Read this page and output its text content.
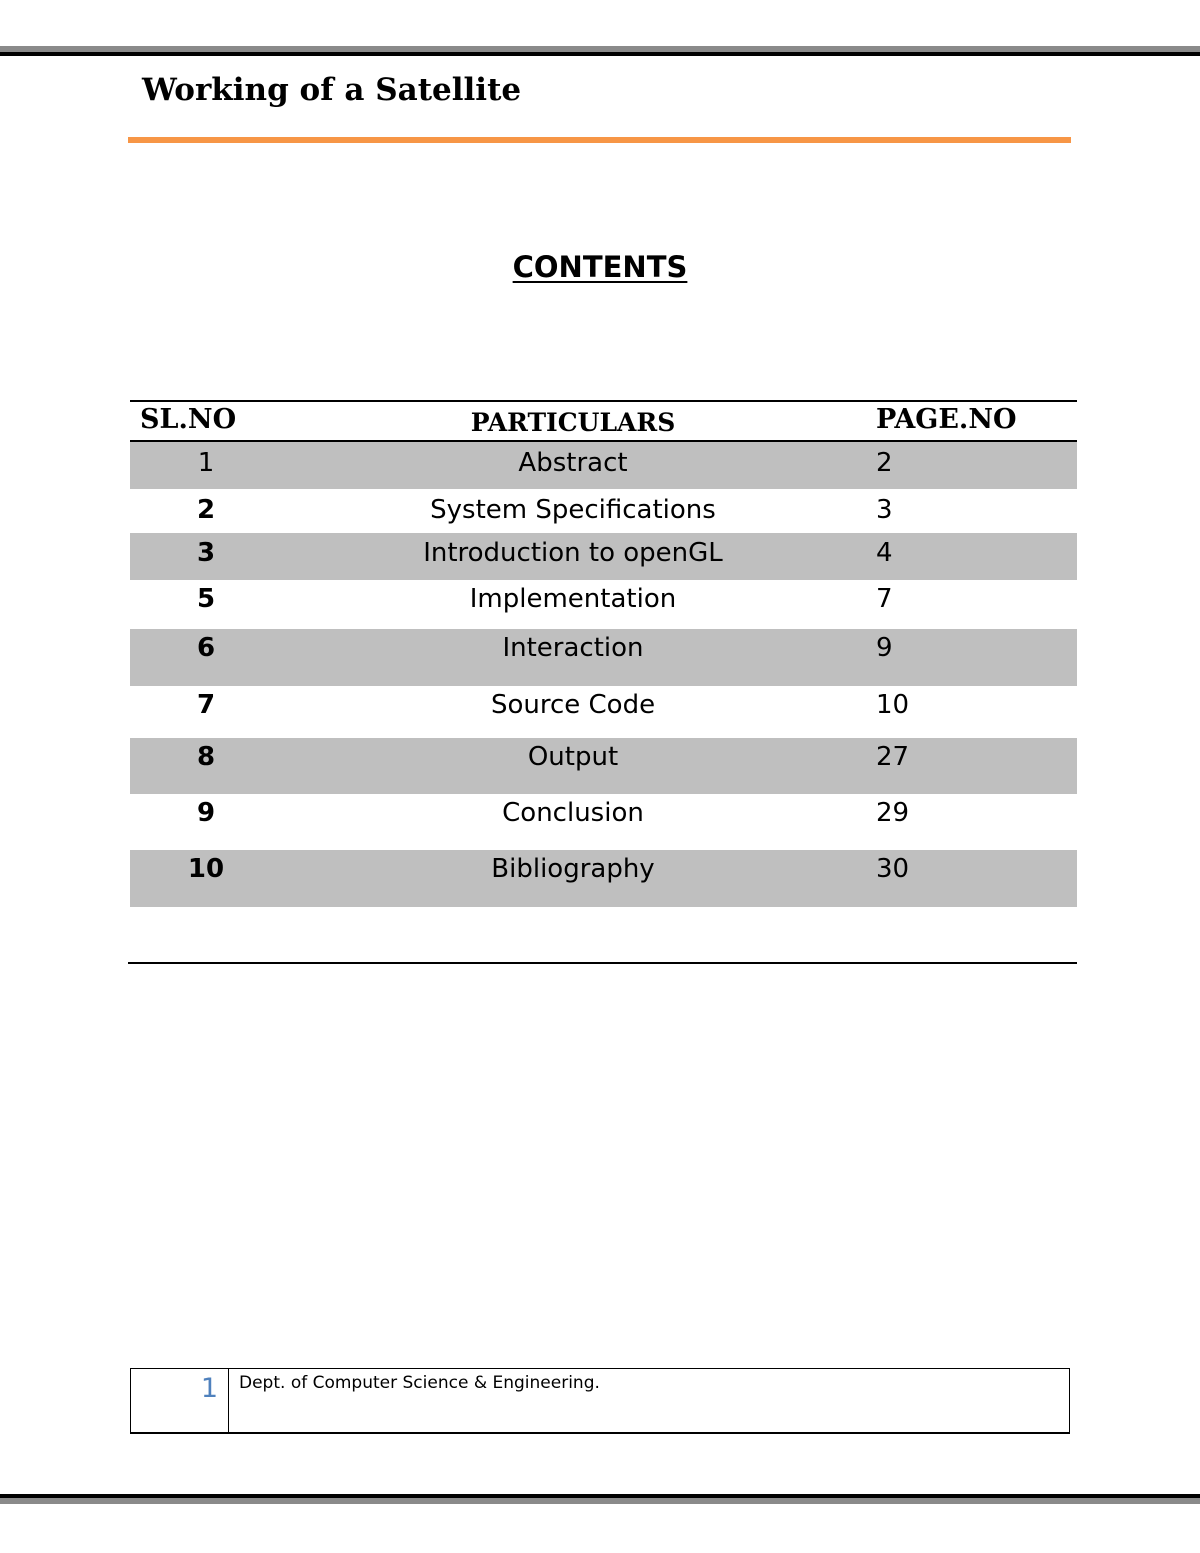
Working of a Satellite
CONTENTS
SL.NO	PARTICULARS	PAGE.NO
1	Abstract	2
2	System Specifications	3
3	Introduction to openGL	4
5	Implementation	7
6	Interaction	9
7	Source Code	10
8	Output	27
9	Conclusion	29
10	Bibliography	30
1 Dept. of Computer Science & Engineering.
